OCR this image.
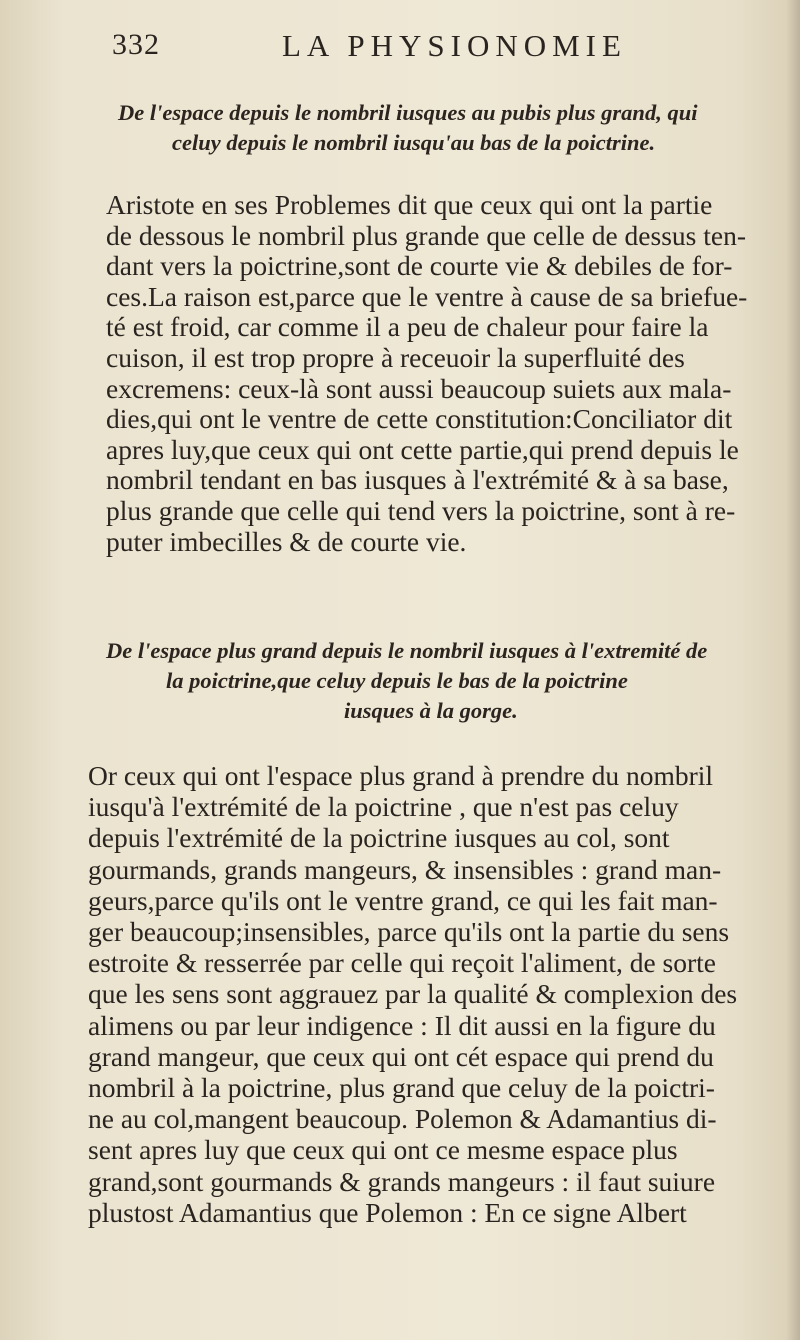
332	LA PHYSIONOMIE
De l'espace depuis le nombril iusques au pubis plus grand, qui
celuy depuis le nombril iusqu'au bas de la poictrine.
Aristote en ses Problemes dit que ceux qui ont la partie
de dessous le nombril plus grande que celle de dessus ten-
dant vers la poictrine,sont de courte vie & debiles de for-
ces.La raison est,parce que le ventre à cause de sa briefue-
té est froid, car comme il a peu de chaleur pour faire la
cuison, il est trop propre à receuoir la superfluité des
excremens: ceux-là sont aussi beaucoup suiets aux mala-
dies,qui ont le ventre de cette constitution:Conciliator dit
apres luy,que ceux qui ont cette partie,qui prend depuis le
nombril tendant en bas iusques à l'extrémité & à sa base,
plus grande que celle qui tend vers la poictrine, sont à re-
puter imbecilles & de courte vie.
De l'espace plus grand depuis le nombril iusques à l'extremité de
la poictrine,que celuy depuis le bas de la poictrine
iusques à la gorge.
Or ceux qui ont l'espace plus grand à prendre du nombril
iusqu'à l'extrémité de la poictrine , que n'est pas celuy
depuis l'extrémité de la poictrine iusques au col, sont
gourmands, grands mangeurs, & insensibles : grand man-
geurs,parce qu'ils ont le ventre grand, ce qui les fait man-
ger beaucoup;insensibles, parce qu'ils ont la partie du sens
estroite & resserrée par celle qui reçoit l'aliment, de sorte
que les sens sont aggrauez par la qualité & complexion des
alimens ou par leur indigence : Il dit aussi en la figure du
grand mangeur, que ceux qui ont cét espace qui prend du
nombril à la poictrine, plus grand que celuy de la poictri-
ne au col,mangent beaucoup. Polemon & Adamantius di-
sent apres luy que ceux qui ont ce mesme espace plus
grand,sont gourmands & grands mangeurs : il faut suiure
plustost Adamantius que Polemon : En ce signe Albert
